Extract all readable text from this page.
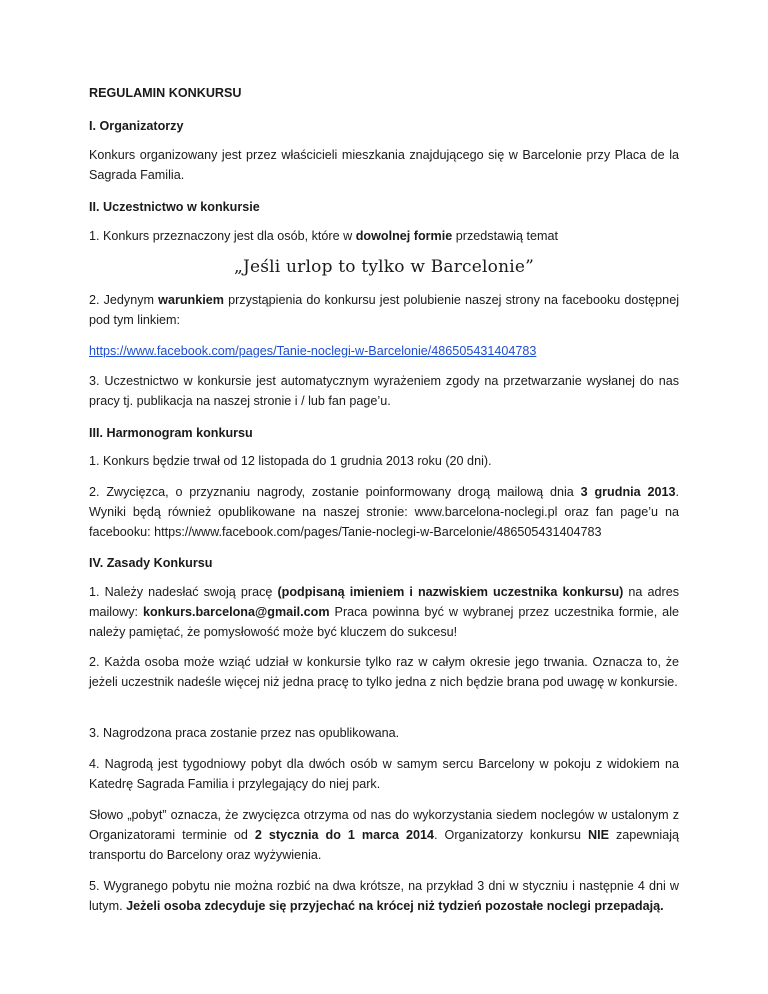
REGULAMIN KONKURSU

I. Organizatorzy

Konkurs organizowany jest przez właścicieli mieszkania znajdującego się w Barcelonie przy Placa de la Sagrada Familia.

II. Uczestnictwo w konkursie

1. Konkurs przeznaczony jest dla osób, które w dowolnej formie przedstawią temat

„Jeśli urlop to tylko w Barcelonie”

2. Jedynym warunkiem przystąpienia do konkursu jest polubienie naszej strony na facebooku dostępnej pod tym linkiem:

https://www.facebook.com/pages/Tanie-noclegi-w-Barcelonie/486505431404783

3. Uczestnictwo w konkursie jest automatycznym wyrażeniem zgody na przetwarzanie wysłanej do nas pracy tj. publikacja na naszej stronie i / lub fan page’u.

III. Harmonogram konkursu

1. Konkurs będzie trwał od 12 listopada do 1 grudnia 2013 roku (20 dni).

2. Zwycięzca, o przyznaniu nagrody, zostanie poinformowany drogą mailową dnia 3 grudnia 2013. Wyniki będą również opublikowane na naszej stronie: www.barcelona-noclegi.pl oraz fan page’u na facebooku: https://www.facebook.com/pages/Tanie-noclegi-w-Barcelonie/486505431404783

IV. Zasady Konkursu

1. Należy nadesłać swoją pracę (podpisaną imieniem i nazwiskiem uczestnika konkursu) na adres mailowy: konkurs.barcelona@gmail.com Praca powinna być w wybranej przez uczestnika formie, ale należy pamiętać, że pomysłowość może być kluczem do sukcesu!

2. Każda osoba może wziąć udział w konkursie tylko raz w całym okresie jego trwania. Oznacza to, że jeżeli uczestnik nadeśle więcej niż jedna pracę to tylko jedna z nich będzie brana pod uwagę w konkursie.

3. Nagrodzona praca zostanie przez nas opublikowana.

4. Nagrodą jest tygodniowy pobyt dla dwóch osób w samym sercu Barcelony w pokoju z widokiem na Katedrę Sagrada Familia i przylegający do niej park.

Słowo „pobyt” oznacza, że zwycięzca otrzyma od nas do wykorzystania siedem noclegów w ustalonym z Organizatorami terminie od 2 stycznia do 1 marca 2014. Organizatorzy konkursu NIE zapewniają transportu do Barcelony oraz wyżywienia.

5. Wygranego pobytu nie można rozbić na dwa krótsze, na przykład 3 dni w styczniu i następnie 4 dni w lutym. Jeżeli osoba zdecyduje się przyjechać na krócej niż tydzień pozostałe noclegi przepadają.
